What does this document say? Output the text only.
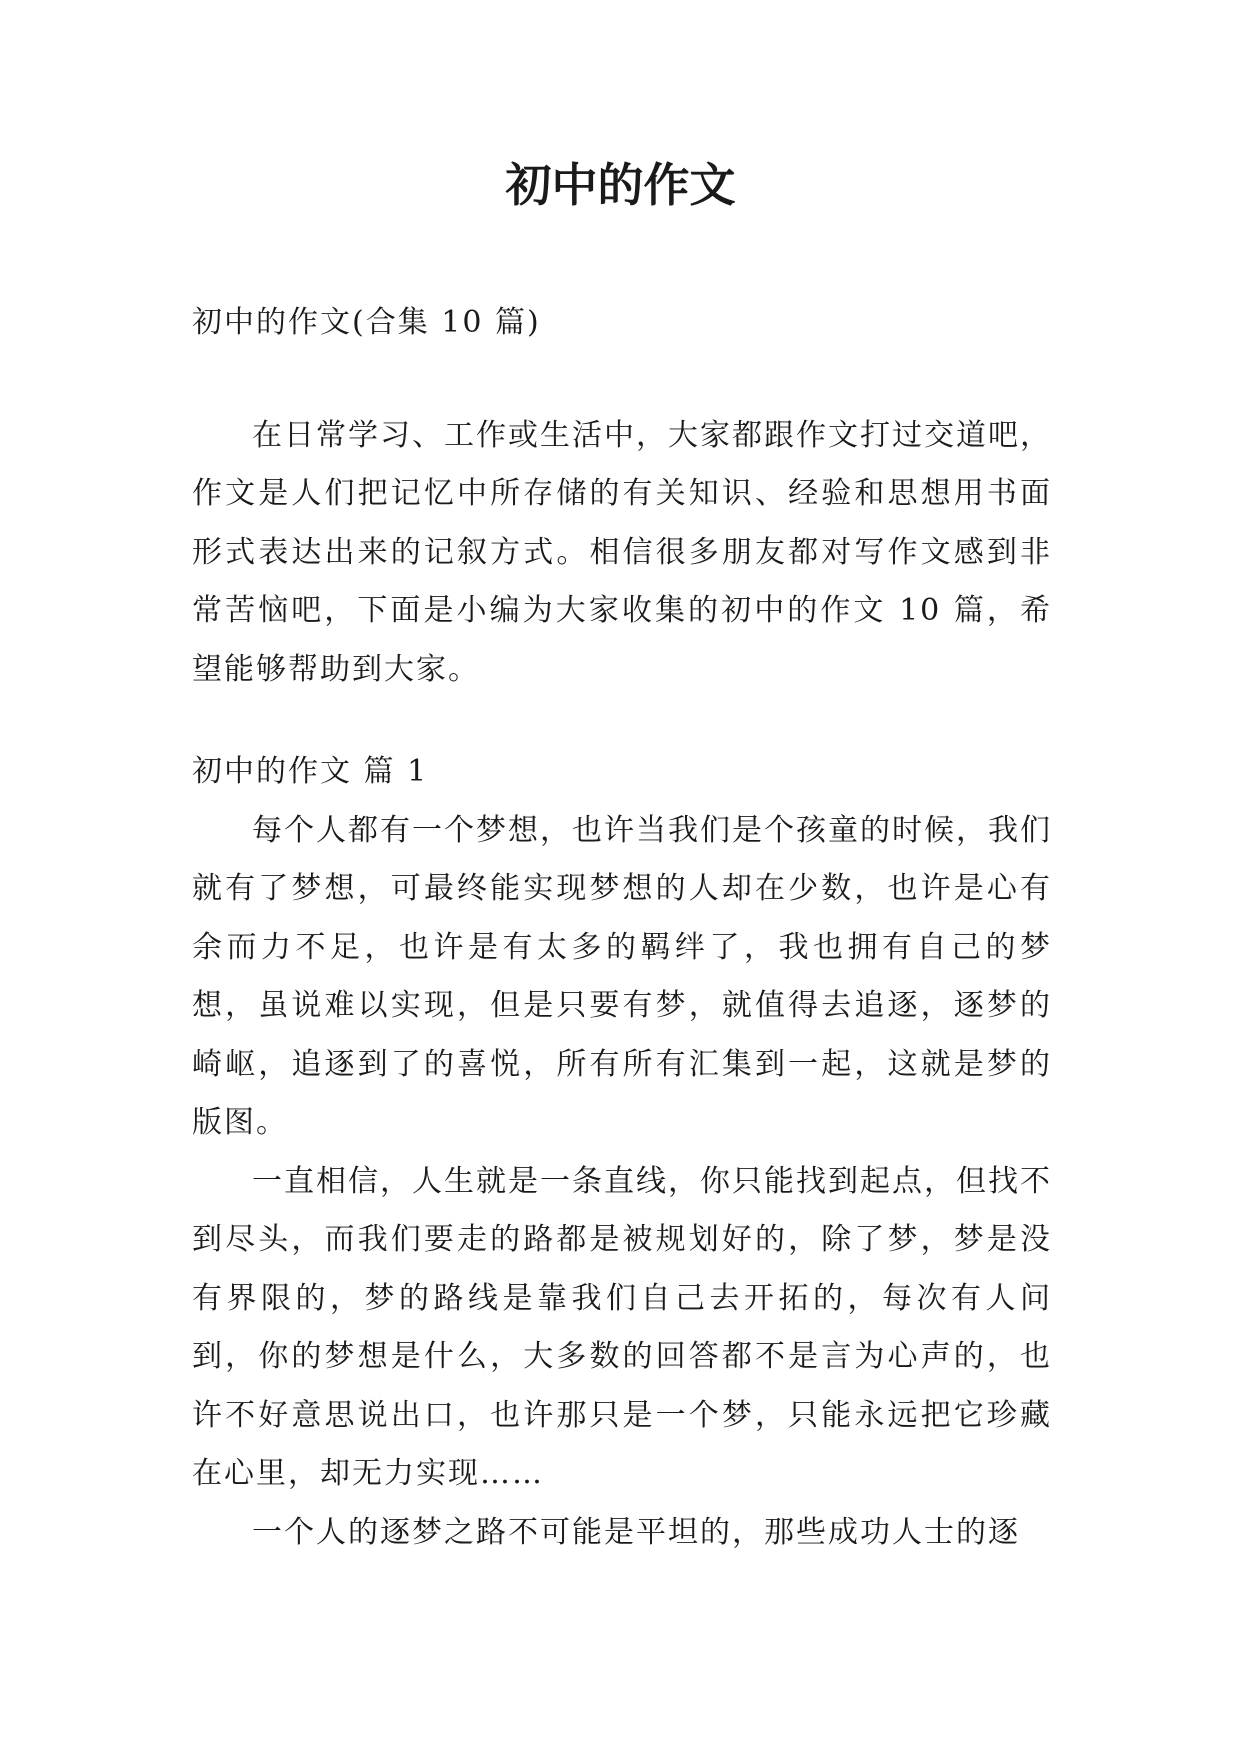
初中的作文

初中的作文(合集 10 篇)

在日常学习、工作或生活中，大家都跟作文打过交道吧，作文是人们把记忆中所存储的有关知识、经验和思想用书面形式表达出来的记叙方式。相信很多朋友都对写作文感到非常苦恼吧，下面是小编为大家收集的初中的作文 10 篇，希望能够帮助到大家。

初中的作文 篇 1

每个人都有一个梦想，也许当我们是个孩童的时候，我们就有了梦想，可最终能实现梦想的人却在少数，也许是心有余而力不足，也许是有太多的羁绊了，我也拥有自己的梦想，虽说难以实现，但是只要有梦，就值得去追逐，逐梦的崎岖，追逐到了的喜悦，所有所有汇集到一起，这就是梦的版图。

一直相信，人生就是一条直线，你只能找到起点，但找不到尽头，而我们要走的路都是被规划好的，除了梦，梦是没有界限的，梦的路线是靠我们自己去开拓的，每次有人问到，你的梦想是什么，大多数的回答都不是言为心声的，也许不好意思说出口，也许那只是一个梦，只能永远把它珍藏在心里，却无力实现……

一个人的逐梦之路不可能是平坦的，那些成功人士的逐
